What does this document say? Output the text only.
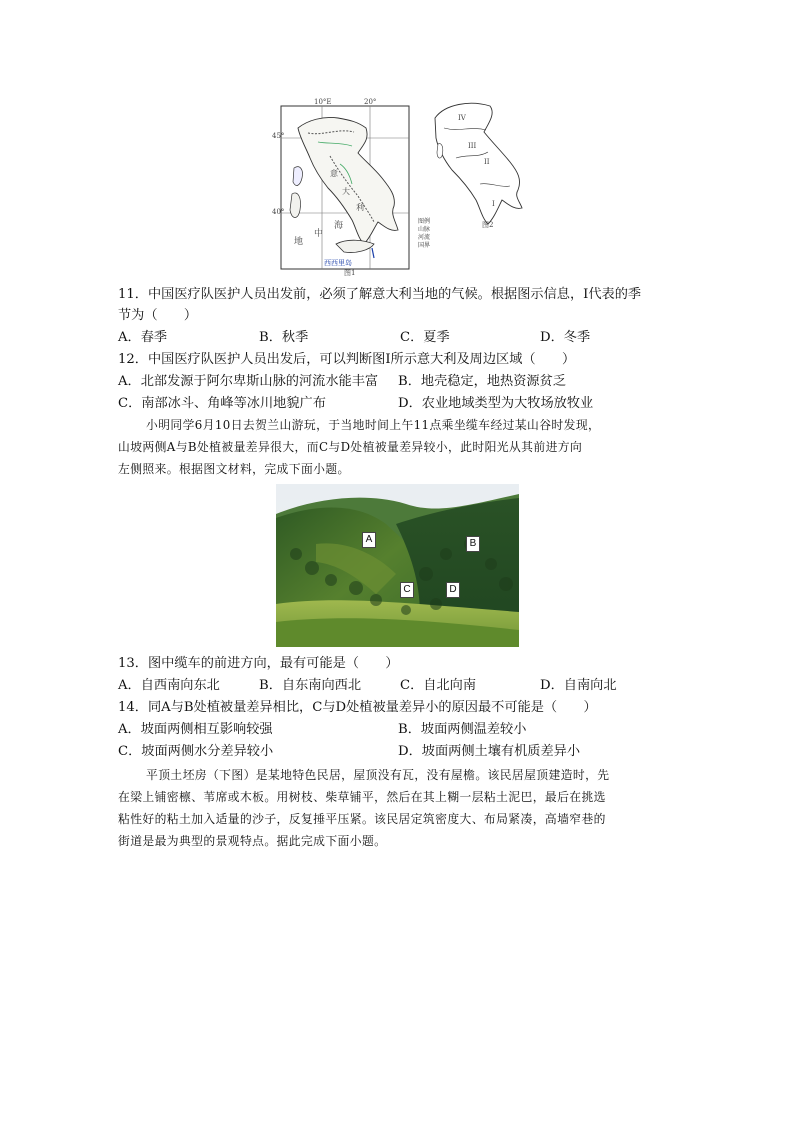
10°E	20°
45°
40°
意
大
利
地
中
海
西西里岛
图1
IV
III
II
I
图例
山脉
河流
国界
图2
11．中国医疗队医护人员出发前，必须了解意大利当地的气候。根据图示信息，I代表的季
节为（　　）
A．春季	B．秋季	C．夏季	D．冬季
12．中国医疗队医护人员出发后，可以判断图I所示意大利及周边区域（　　）
A．北部发源于阿尔卑斯山脉的河流水能丰富 B．地壳稳定，地热资源贫乏
C．南部冰斗、角峰等冰川地貌广布	D．农业地域类型为大牧场放牧业
小明同学6月10日去贺兰山游玩，于当地时间上午11点乘坐缆车经过某山谷时发现，
山坡两侧A与B处植被量差异很大，而C与D处植被量差异较小，此时阳光从其前进方向
左侧照来。根据图文材料，完成下面小题。
A	B
C	D
13．图中缆车的前进方向，最有可能是（　　）
A．自西南向东北	B．自东南向西北	C．自北向南	D．自南向北
14．同A与B处植被量差异相比，C与D处植被量差异小的原因最不可能是（　　）
A．坡面两侧相互影响较强	B．坡面两侧温差较小
C．坡面两侧水分差异较小	D．坡面两侧土壤有机质差异小
平顶土坯房（下图）是某地特色民居，屋顶没有瓦，没有屋檐。该民居屋顶建造时，先
在梁上铺密檩、苇席或木板。用树枝、柴草铺平，然后在其上糊一层粘土泥巴，最后在挑选
粘性好的粘土加入适量的沙子，反复捶平压紧。该民居定筑密度大、布局紧凑，高墙窄巷的
街道是最为典型的景观特点。据此完成下面小题。
